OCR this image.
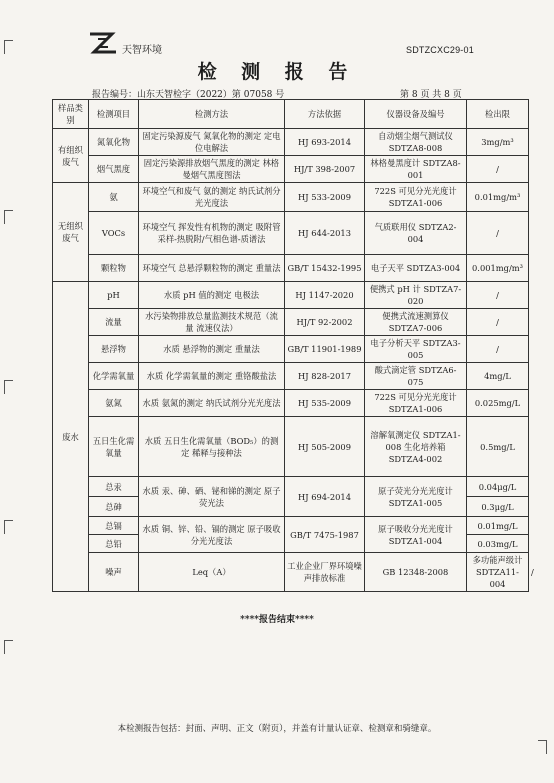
天智环境	SDTZCXC29-01
检 测 报 告
报告编号：山东天智检字（2022）第 07058 号	第 8 页 共 8 页
样品类别	检测项目	检测方法	方法依据	仪器设备及编号	检出限	
有组织废气	氮氧化物	固定污染源废气 氮氧化物的测定 定电位电解法	HJ 693-2014	自动烟尘烟气测试仪 SDTZA8-008	3mg/m³	
	烟气黑度	固定污染源排放烟气黑度的测定 林格曼烟气黑度图法	HJ/T 398-2007	林格曼黑度计 SDTZA8-001	/	
无组织废气	氨	环境空气和废气 氨的测定 纳氏试剂分光光度法	HJ 533-2009	722S 可见分光光度计 SDTZA1-006	0.01mg/m³	
	VOCs	环境空气 挥发性有机物的测定 吸附管采样-热脱附/气相色谱-质谱法	HJ 644-2013	气质联用仪 SDTZA2-004	/	
	颗粒物	环境空气 总悬浮颗粒物的测定 重量法	GB/T 15432-1995	电子天平 SDTZA3-004	0.001mg/m³	
废水	pH	水质 pH 值的测定 电极法	HJ 1147-2020	便携式 pH 计 SDTZA7-020	/	
	流量	水污染物排放总量监测技术规范（流量 流速仪法）	HJ/T 92-2002	便携式流速测算仪 SDTZA7-006	/	
	悬浮物	水质 悬浮物的测定 重量法	GB/T 11901-1989	电子分析天平 SDTZA3-005	/	
	化学需氧量	水质 化学需氧量的测定 重铬酸盐法	HJ 828-2017	酸式滴定管 SDTZA6-075	4mg/L	
	氨氮	水质 氨氮的测定 纳氏试剂分光光度法	HJ 535-2009	722S 可见分光光度计 SDTZA1-006	0.025mg/L	
	五日生化需氧量	水质 五日生化需氧量（BOD₅）的测定 稀释与接种法	HJ 505-2009	溶解氧测定仪 SDTZA1-008 生化培养箱 SDTZA4-002	0.5mg/L	
	总汞	水质 汞、砷、硒、铋和锑的测定 原子荧光法	HJ 694-2014	原子荧光分光光度计 SDTZA1-005	0.04μg/L	
	总砷				0.3μg/L	
	总镉	水质 铜、锌、铅、镉的测定 原子吸收分光光度法	GB/T 7475-1987	原子吸收分光光度计 SDTZA1-004	0.01mg/L	
	总铅				0.03mg/L	
	噪声	Leq（A）	工业企业厂界环境噪声排放标准	GB 12348-2008	多功能声级计 SDTZA11-004	/
****报告结束****
本检测报告包括：封面、声明、正文（附页），并盖有计量认证章、检测章和骑缝章。
